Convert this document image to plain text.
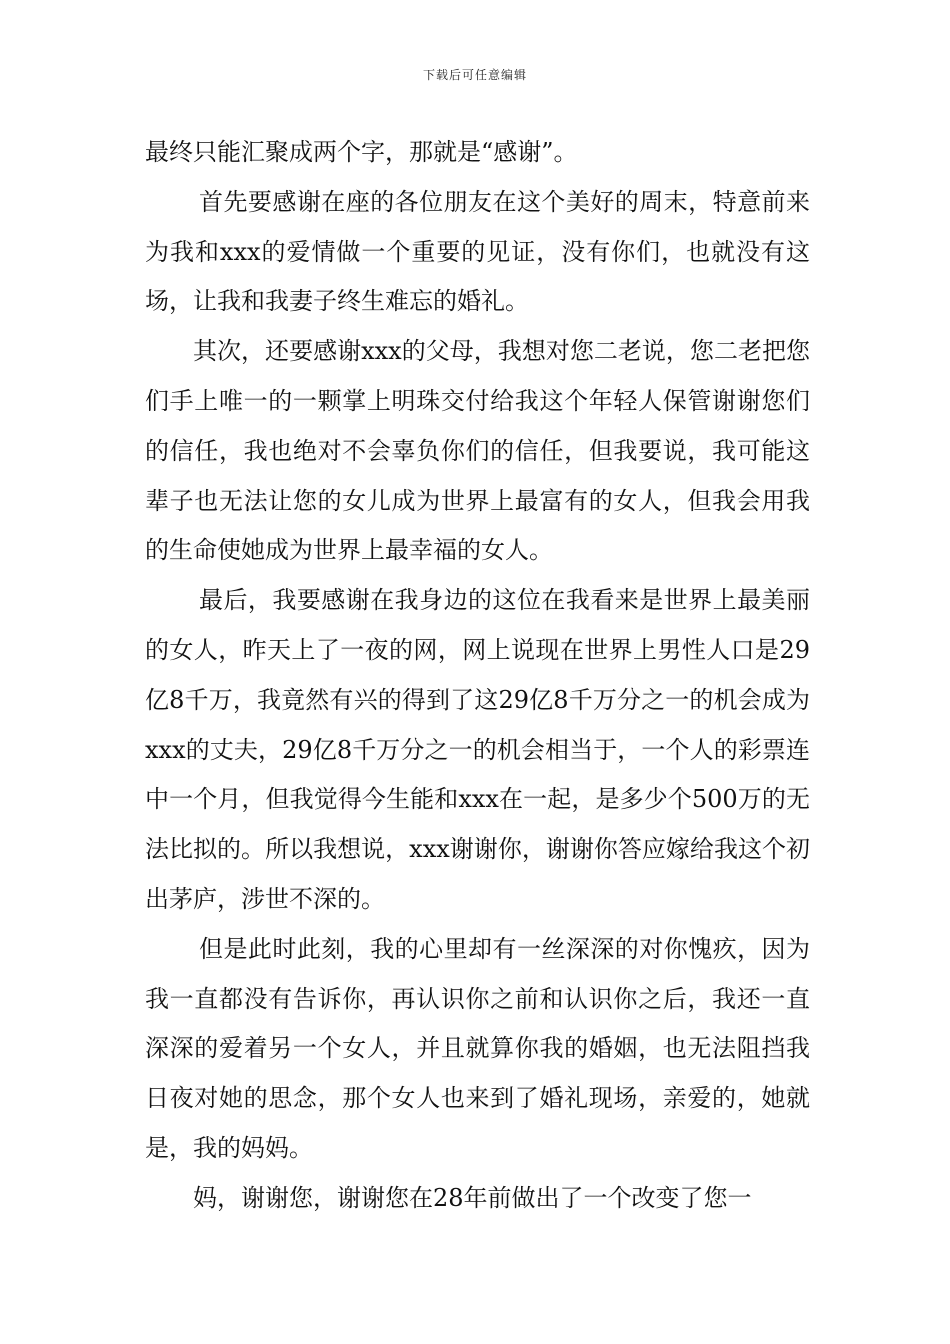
下载后可任意编辑

最终只能汇聚成两个字，那就是“感谢”。

首先要感谢在座的各位朋友在这个美好的周末，特意前来为我和xxx的爱情做一个重要的见证，没有你们，也就没有这场，让我和我妻子终生难忘的婚礼。

其次，还要感谢xxx的父母，我想对您二老说，您二老把您们手上唯一的一颗掌上明珠交付给我这个年轻人保管谢谢您们的信任，我也绝对不会辜负你们的信任，但我要说，我可能这辈子也无法让您的女儿成为世界上最富有的女人，但我会用我的生命使她成为世界上最幸福的女人。

最后，我要感谢在我身边的这位在我看来是世界上最美丽的女人，昨天上了一夜的网，网上说现在世界上男性人口是29亿8千万，我竟然有兴的得到了这29亿8千万分之一的机会成为xxx的丈夫，29亿8千万分之一的机会相当于，一个人的彩票连中一个月，但我觉得今生能和xxx在一起，是多少个500万的无法比拟的。所以我想说，xxx谢谢你，谢谢你答应嫁给我这个初出茅庐，涉世不深的。

但是此时此刻，我的心里却有一丝深深的对你愧疚，因为我一直都没有告诉你，再认识你之前和认识你之后，我还一直深深的爱着另一个女人，并且就算你我的婚姻，也无法阻挡我日夜对她的思念，那个女人也来到了婚礼现场，亲爱的，她就是，我的妈妈。

妈，谢谢您，谢谢您在28年前做出了一个改变了您一
